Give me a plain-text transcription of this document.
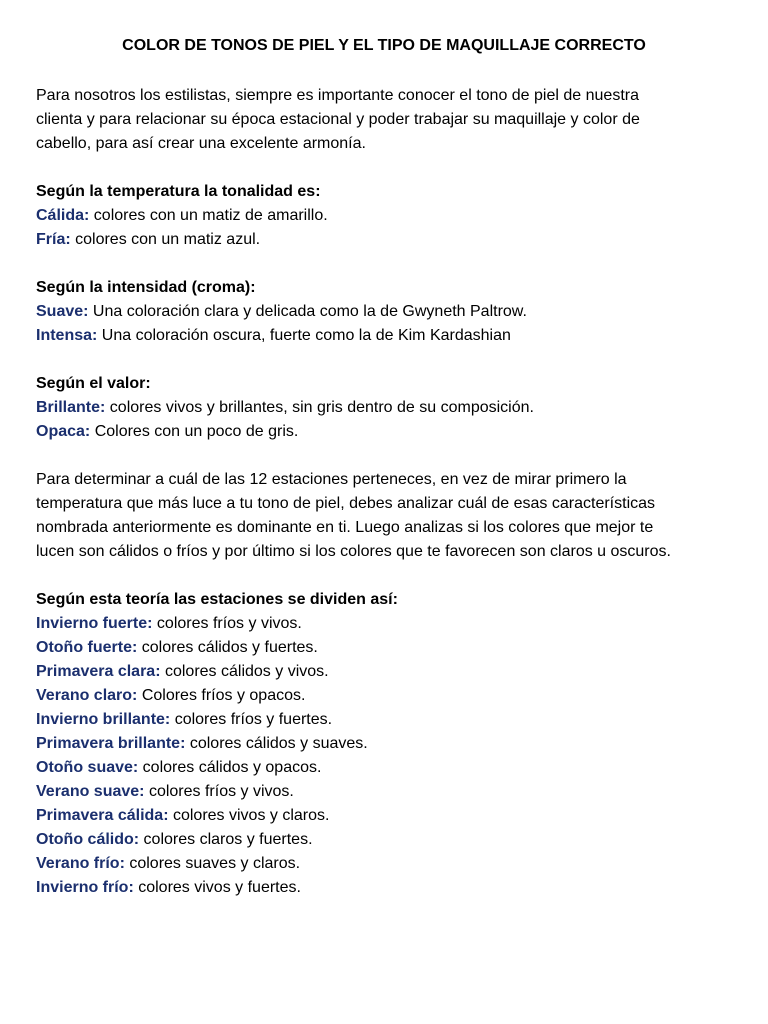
COLOR DE TONOS DE PIEL Y EL TIPO DE MAQUILLAJE CORRECTO
Para nosotros los estilistas, siempre es importante conocer el tono de piel de nuestra
clienta y para relacionar su época estacional y poder trabajar su maquillaje y color de
cabello, para así crear una excelente armonía.
Según la temperatura la tonalidad es:
Cálida: colores con un matiz de amarillo.
Fría: colores con un matiz azul.
Según la intensidad (croma):
Suave: Una coloración clara y delicada como la de Gwyneth Paltrow.
Intensa: Una coloración oscura, fuerte como la de Kim Kardashian
Según el valor:
Brillante: colores vivos y brillantes, sin gris dentro de su composición.
Opaca: Colores con un poco de gris.
Para determinar a cuál de las 12 estaciones perteneces, en vez de mirar primero la
temperatura que más luce a tu tono de piel, debes analizar cuál de esas características
nombrada anteriormente es dominante en ti. Luego analizas si los colores que mejor te
lucen son cálidos o fríos y por último si los colores que te favorecen son claros u oscuros.
Según esta teoría las estaciones se dividen así:
Invierno fuerte: colores fríos y vivos.
Otoño fuerte: colores cálidos y fuertes.
Primavera clara: colores cálidos y vivos.
Verano claro: Colores fríos y opacos.
Invierno brillante: colores fríos y fuertes.
Primavera brillante: colores cálidos y suaves.
Otoño suave: colores cálidos y opacos.
Verano suave: colores fríos y vivos.
Primavera cálida: colores vivos y claros.
Otoño cálido: colores claros y fuertes.
Verano frío: colores suaves y claros.
Invierno frío: colores vivos y fuertes.
